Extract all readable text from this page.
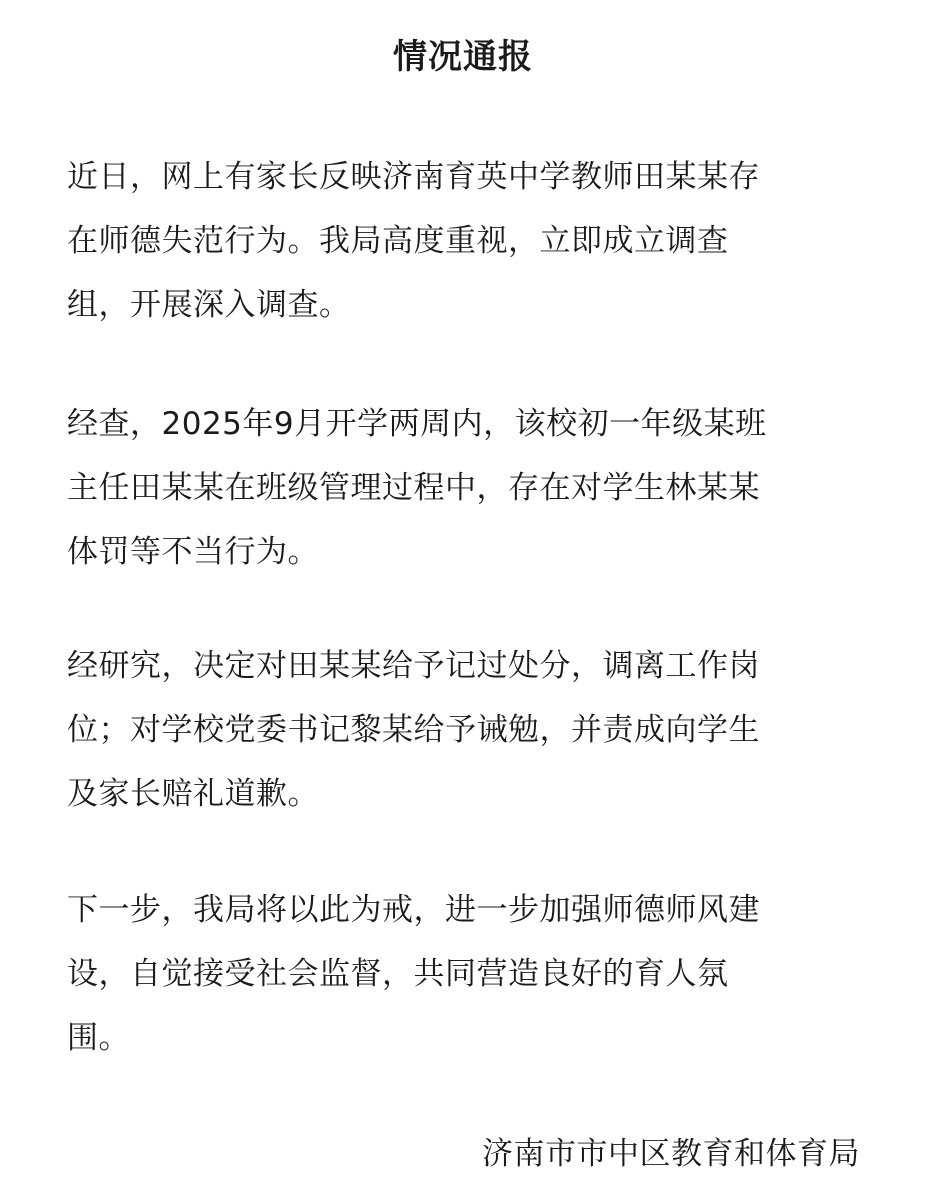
情况通报

近日，网上有家长反映济南育英中学教师田某某存
在师德失范行为。我局高度重视，立即成立调查
组，开展深入调查。

经查，2025年9月开学两周内，该校初一年级某班
主任田某某在班级管理过程中，存在对学生林某某
体罚等不当行为。

经研究，决定对田某某给予记过处分，调离工作岗
位；对学校党委书记黎某给予诫勉，并责成向学生
及家长赔礼道歉。

下一步，我局将以此为戒，进一步加强师德师风建
设，自觉接受社会监督，共同营造良好的育人氛
围。

济南市市中区教育和体育局
